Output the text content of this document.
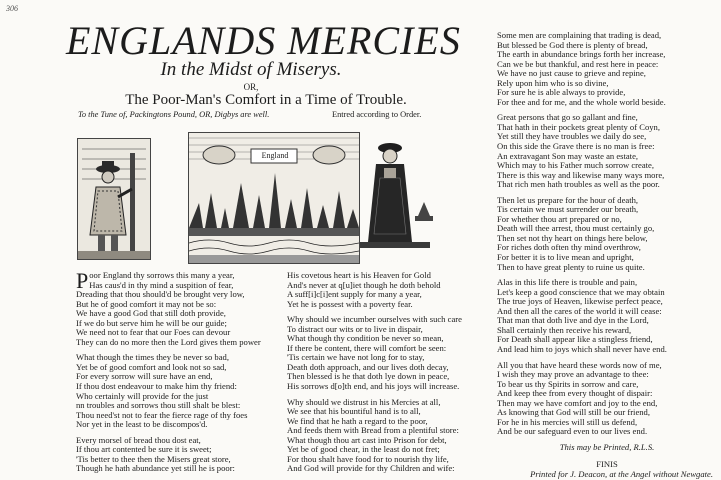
306
ENGLANDS MERCIES
In the Midst of Miserys.
OR,
The Poor-Man's Comfort in a Time of Trouble.
To the Tune of, Packingtons Pound, OR, Digbys are well.	Entred according to Order.
England

P oor England thy sorrows this many a year,
Has caus'd in thy mind a suspition of fear,
Dreading that thou should'd be brought very low,
But he of good comfort it may not be so:
We have a good God that still doth provide,
If we do but serve him he will be our guide;
We need not to fear that our Foes can devour
They can do no more then the Lord gives them power

What though the times they be never so bad,
Yet be of good comfort and look not so sad,
For every sorrow will sure have an end,
If thou dost endeavour to make him thy friend:
Who certainly will provide for the just
nn troubles and sorrows thou still shalt be blest:
Thou need'st not to fear the fierce rage of thy foes
Nor yet in the least to be discompos'd.

Every morsel of bread thou dost eat,
If thou art contented be sure it is sweet;
'Tis better to thee then the Misers great store,
Though he hath abundance yet still he is poor:

His covetous heart is his Heaven for Gold
And's never at q[u]iet though he doth behold
A suff[i]c[i]ent supply for many a year,
Yet he is possest with a poverty fear.

Why should we incumber ourselves with such care
To distract our wits or to live in dispair,
What though thy condition be never so mean,
If there be content, there will comfort be seen:
'Tis certain we have not long for to stay,
Death doth approach, and our lives doth decay,
Then blessed is he that doth lye down in peace,
His sorrows d[o]th end, and his joys will increase.

Why should we distrust in his Mercies at all,
We see that his bountiful hand is to all,
We find that he hath a regard to the poor,
And feeds them with Bread from a plentiful store:
What though thou art cast into Prison for debt,
Yet be of good chear, in the least do not fret;
For thou shalt have food for to nourish thy life,
And God will provide for thy Children and wife:

Some men are complaining that trading is dead,
But blessed be God there is plenty of bread,
The earth in abundance brings forth her increase,
Can we be but thankful, and rest here in peace:
We have no just cause to grieve and repine,
Rely upon him who is so divine,
For sure he is able always to provide,
For thee and for me, and the whole world beside.

Great persons that go so gallant and fine,
That hath in their pockets great plenty of Coyn,
Yet still they have troubles we daily do see,
On this side the Grave there is no man is free:
An extravagant Son may waste an estate,
Which may to his Father much sorrow create,
There is this way and likewise many ways more,
That rich men hath troubles as well as the poor.

Then let us prepare for the hour of death,
Tis certain we must surrender our breath,
For whether thou art prepared or no,
Death will thee arrest, thou must certainly go,
Then set not thy heart on things here below,
For riches doth often thy mind overthrow,
For better it is to live mean and upright,
Then to have great plenty to ruine us quite.

Alas in this life there is trouble and pain,
Let's keep a good conscience that we may obtain
The true joys of Heaven, likewise perfect peace,
And then all the cares of the world it will cease:
That man that doth live and dye in the Lord,
Shall certainly then receive his reward,
For Death shall appear like a stingless friend,
And lead him to joys which shall never have end.

All you that have heard these words now of me,
I wish they may prove an advantage to thee:
To bear us thy Spirits in sorrow and care,
And keep thee from every thought of dispair:
Then may we have comfort and joy to the end,
As knowing that God will still be our friend,
For he in his mercies will still us defend,
And be our safeguard even to our lives end.

This may be Printed, R.L.S.
FINIS
Printed for J. Deacon, at the Angel without Newgate.
